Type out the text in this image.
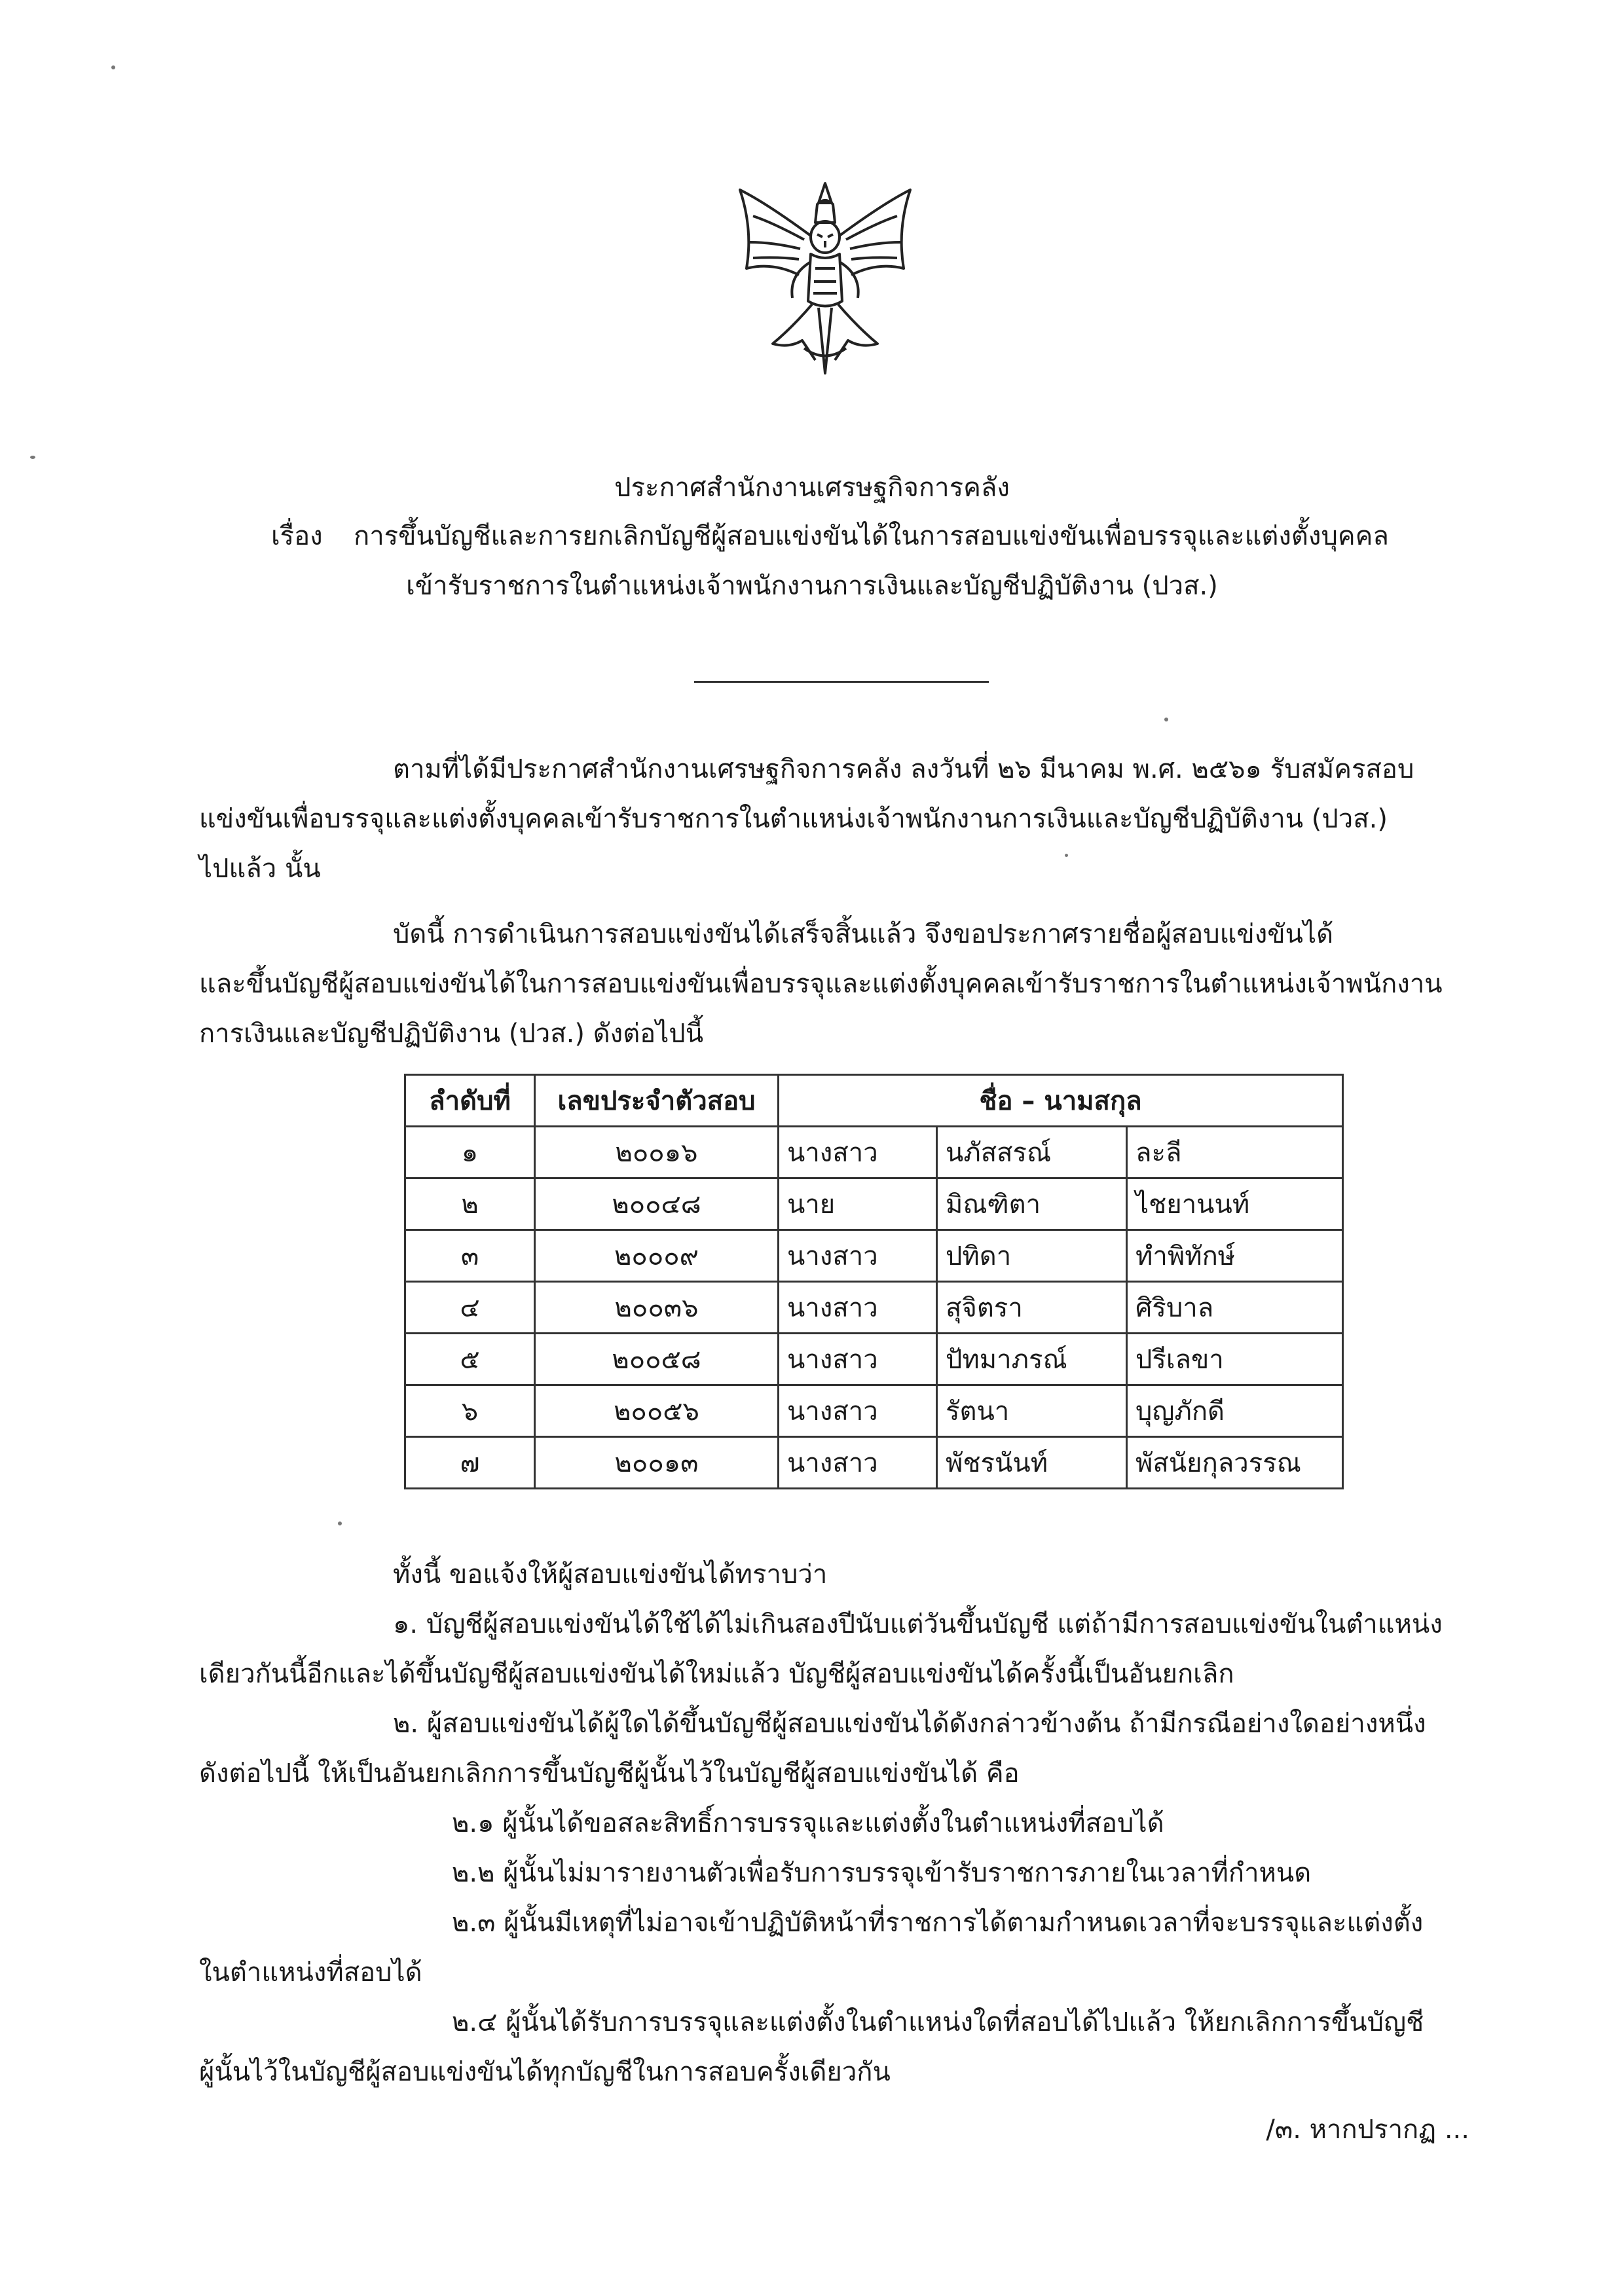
ประกาศสำนักงานเศรษฐกิจการคลัง
เรื่อง การขึ้นบัญชีและการยกเลิกบัญชีผู้สอบแข่งขันได้ในการสอบแข่งขันเพื่อบรรจุและแต่งตั้งบุคคล
เข้ารับราชการในตำแหน่งเจ้าพนักงานการเงินและบัญชีปฏิบัติงาน (ปวส.)
ตามที่ได้มีประกาศสำนักงานเศรษฐกิจการคลัง ลงวันที่ ๒๖ มีนาคม พ.ศ. ๒๕๖๑ รับสมัครสอบ
แข่งขันเพื่อบรรจุและแต่งตั้งบุคคลเข้ารับราชการในตำแหน่งเจ้าพนักงานการเงินและบัญชีปฏิบัติงาน (ปวส.)
ไปแล้ว นั้น
บัดนี้ การดำเนินการสอบแข่งขันได้เสร็จสิ้นแล้ว จึงขอประกาศรายชื่อผู้สอบแข่งขันได้
และขึ้นบัญชีผู้สอบแข่งขันได้ในการสอบแข่งขันเพื่อบรรจุและแต่งตั้งบุคคลเข้ารับราชการในตำแหน่งเจ้าพนักงาน
การเงินและบัญชีปฏิบัติงาน (ปวส.) ดังต่อไปนี้
ลำดับที่	เลขประจำตัวสอบ	ชื่อ – นามสกุล		
๑	๒๐๐๑๖	นางสาว	นภัสสรณ์	ละลี
๒	๒๐๐๔๘	นาย	มิณฑิตา	ไชยานนท์
๓	๒๐๐๐๙	นางสาว	ปทิดา	ทำพิทักษ์
๔	๒๐๐๓๖	นางสาว	สุจิตรา	ศิริบาล
๕	๒๐๐๕๘	นางสาว	ปัทมาภรณ์	ปรีเลขา
๖	๒๐๐๕๖	นางสาว	รัตนา	บุญภักดี
๗	๒๐๐๑๓	นางสาว	พัชรนันท์	พัสนัยกุลวรรณ
ทั้งนี้ ขอแจ้งให้ผู้สอบแข่งขันได้ทราบว่า
๑. บัญชีผู้สอบแข่งขันได้ใช้ได้ไม่เกินสองปีนับแต่วันขึ้นบัญชี แต่ถ้ามีการสอบแข่งขันในตำแหน่ง
เดียวกันนี้อีกและได้ขึ้นบัญชีผู้สอบแข่งขันได้ใหม่แล้ว บัญชีผู้สอบแข่งขันได้ครั้งนี้เป็นอันยกเลิก
๒. ผู้สอบแข่งขันได้ผู้ใดได้ขึ้นบัญชีผู้สอบแข่งขันได้ดังกล่าวข้างต้น ถ้ามีกรณีอย่างใดอย่างหนึ่ง
ดังต่อไปนี้ ให้เป็นอันยกเลิกการขึ้นบัญชีผู้นั้นไว้ในบัญชีผู้สอบแข่งขันได้ คือ
๒.๑ ผู้นั้นได้ขอสละสิทธิ์การบรรจุและแต่งตั้งในตำแหน่งที่สอบได้
๒.๒ ผู้นั้นไม่มารายงานตัวเพื่อรับการบรรจุเข้ารับราชการภายในเวลาที่กำหนด
๒.๓ ผู้นั้นมีเหตุที่ไม่อาจเข้าปฏิบัติหน้าที่ราชการได้ตามกำหนดเวลาที่จะบรรจุและแต่งตั้ง
ในตำแหน่งที่สอบได้
๒.๔ ผู้นั้นได้รับการบรรจุและแต่งตั้งในตำแหน่งใดที่สอบได้ไปแล้ว ให้ยกเลิกการขึ้นบัญชี
ผู้นั้นไว้ในบัญชีผู้สอบแข่งขันได้ทุกบัญชีในการสอบครั้งเดียวกัน
/๓. หากปรากฏ ...
